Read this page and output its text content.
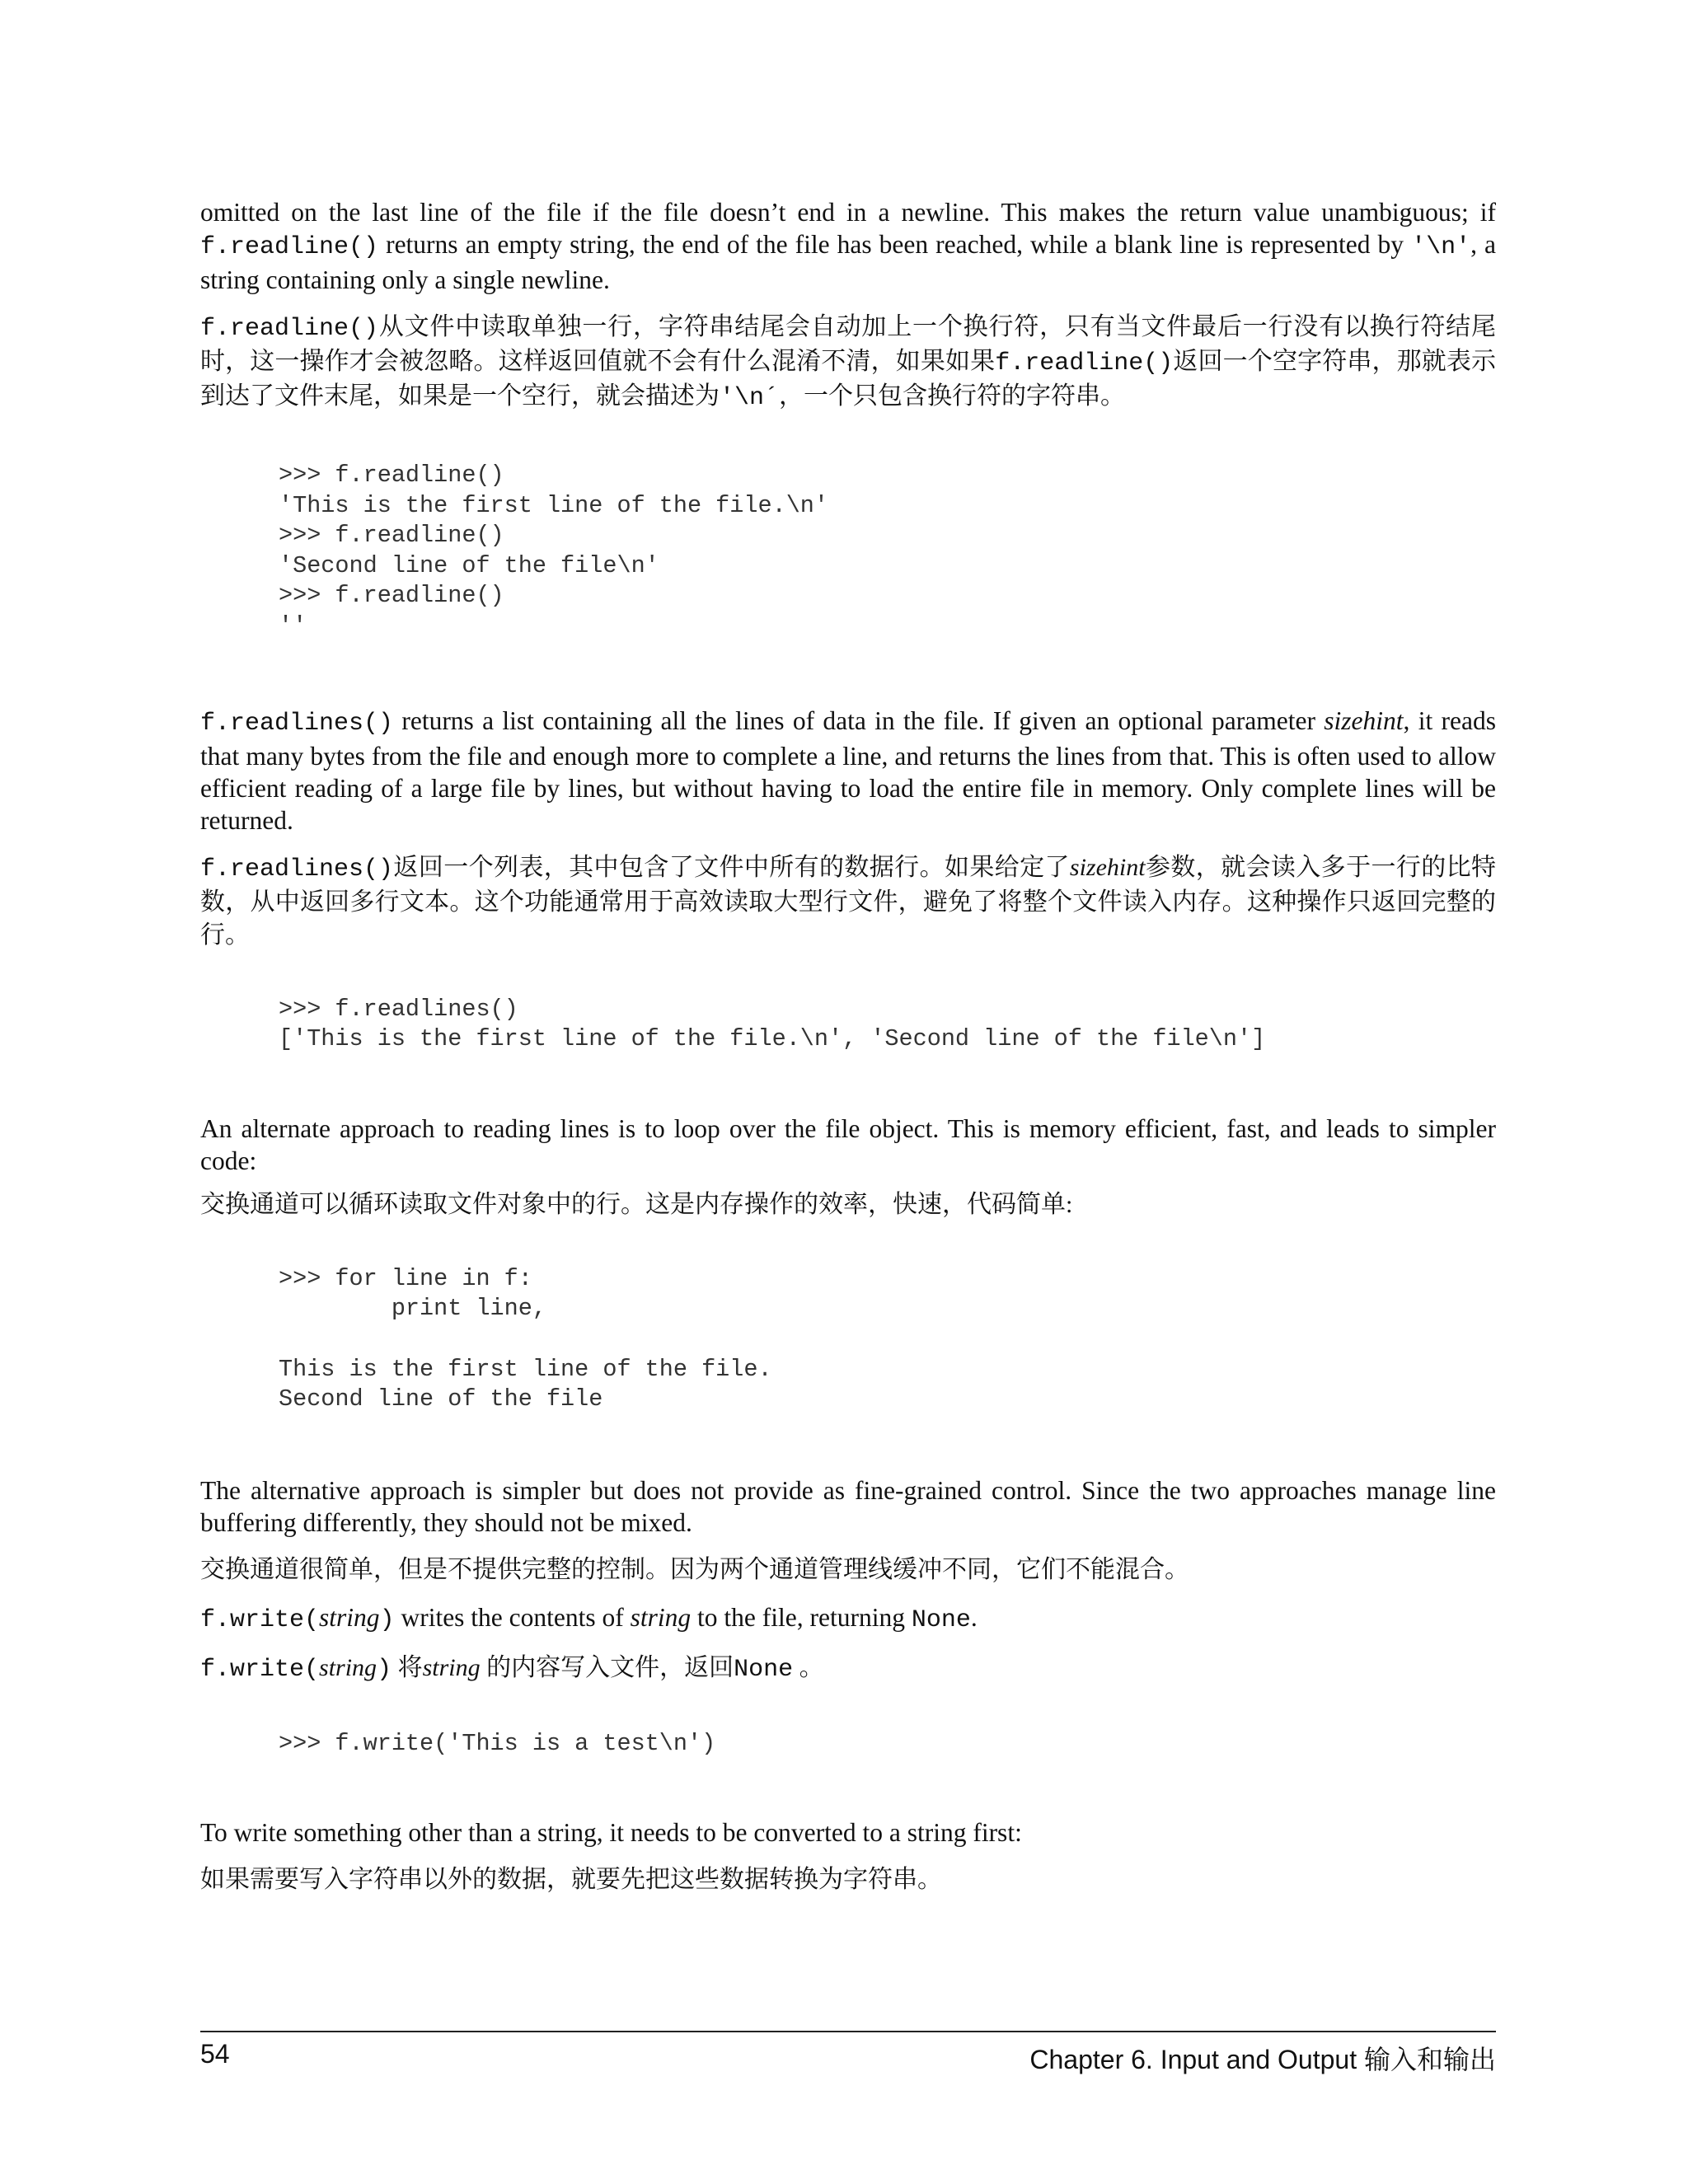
omitted on the last line of the file if the file doesn’t end in a newline. This makes the return value unambiguous; if f.readline() returns an empty string, the end of the file has been reached, while a blank line is represented by '\n', a string containing only a single newline.

f.readline()从文件中读取单独一行，字符串结尾会自动加上一个换行符，只有当文件最后一行没有以换行符结尾时，这一操作才会被忽略。这样返回值就不会有什么混淆不清，如果如果f.readline()返回一个空字符串，那就表示到达了文件末尾，如果是一个空行，就会描述为'\n´，一个只包含换行符的字符串。

>>> f.readline()
'This is the first line of the file.\n'
>>> f.readline()
'Second line of the file\n'
>>> f.readline()
''

f.readlines() returns a list containing all the lines of data in the file. If given an optional parameter sizehint, it reads that many bytes from the file and enough more to complete a line, and returns the lines from that. This is often used to allow efficient reading of a large file by lines, but without having to load the entire file in memory. Only complete lines will be returned.

f.readlines()返回一个列表，其中包含了文件中所有的数据行。如果给定了sizehint参数，就会读入多于一行的比特数，从中返回多行文本。这个功能通常用于高效读取大型行文件，避免了将整个文件读入内存。这种操作只返回完整的行。

>>> f.readlines()
['This is the first line of the file.\n', 'Second line of the file\n']

An alternate approach to reading lines is to loop over the file object. This is memory efficient, fast, and leads to simpler code:

交换通道可以循环读取文件对象中的行。这是内存操作的效率，快速，代码简单:

>>> for line in f:
print line,

This is the first line of the file.
Second line of the file

The alternative approach is simpler but does not provide as fine-grained control. Since the two approaches manage line buffering differently, they should not be mixed.

交换通道很简单，但是不提供完整的控制。因为两个通道管理线缓冲不同，它们不能混合。

f.write(string) writes the contents of string to the file, returning None.

f.write(string) 将string 的内容写入文件，返回None 。

>>> f.write('This is a test\n')

To write something other than a string, it needs to be converted to a string first:

如果需要写入字符串以外的数据，就要先把这些数据转换为字符串。

54	Chapter 6. Input and Output 输入和输出
